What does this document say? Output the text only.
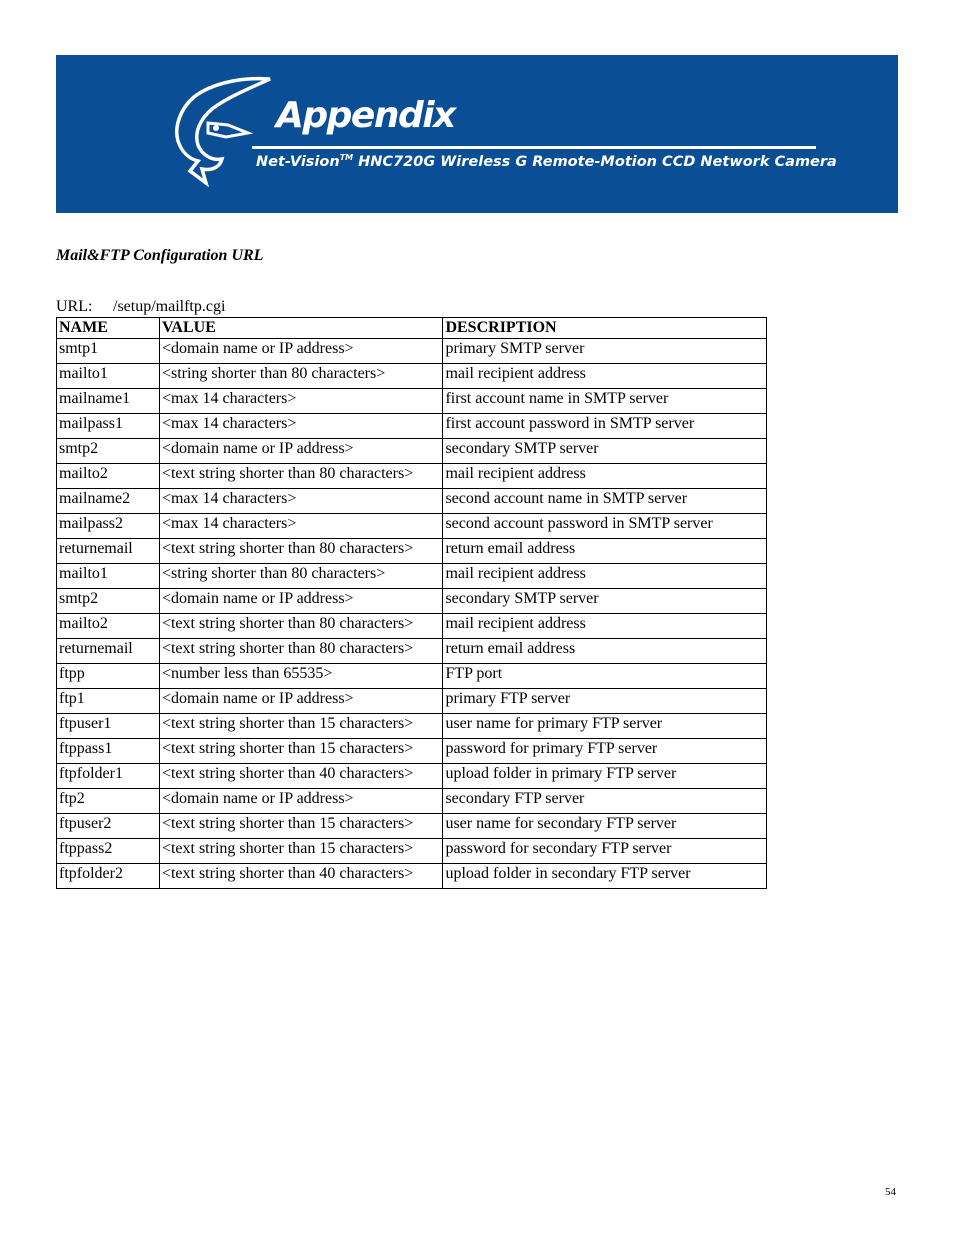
Appendix
Net-Vision™ HNC720G Wireless G Remote-Motion CCD Network Camera
Mail&FTP Configuration URL
URL: /setup/mailftp.cgi
NAME	VALUE	DESCRIPTION
smtp1	<domain name or IP address>	primary SMTP server
mailto1	<string shorter than 80 characters>	mail recipient address
mailname1	<max 14 characters>	first account name in SMTP server
mailpass1	<max 14 characters>	first account password in SMTP server
smtp2	<domain name or IP address>	secondary SMTP server
mailto2	<text string shorter than 80 characters>	mail recipient address
mailname2	<max 14 characters>	second account name in SMTP server
mailpass2	<max 14 characters>	second account password in SMTP server
returnemail	<text string shorter than 80 characters>	return email address
mailto1	<string shorter than 80 characters>	mail recipient address
smtp2	<domain name or IP address>	secondary SMTP server
mailto2	<text string shorter than 80 characters>	mail recipient address
returnemail	<text string shorter than 80 characters>	return email address
ftpp	<number less than 65535>	FTP port
ftp1	<domain name or IP address>	primary FTP server
ftpuser1	<text string shorter than 15 characters>	user name for primary FTP server
ftppass1	<text string shorter than 15 characters>	password for primary FTP server
ftpfolder1	<text string shorter than 40 characters>	upload folder in primary FTP server
ftp2	<domain name or IP address>	secondary FTP server
ftpuser2	<text string shorter than 15 characters>	user name for secondary FTP server
ftppass2	<text string shorter than 15 characters>	password for secondary FTP server
ftpfolder2	<text string shorter than 40 characters>	upload folder in secondary FTP server
54
